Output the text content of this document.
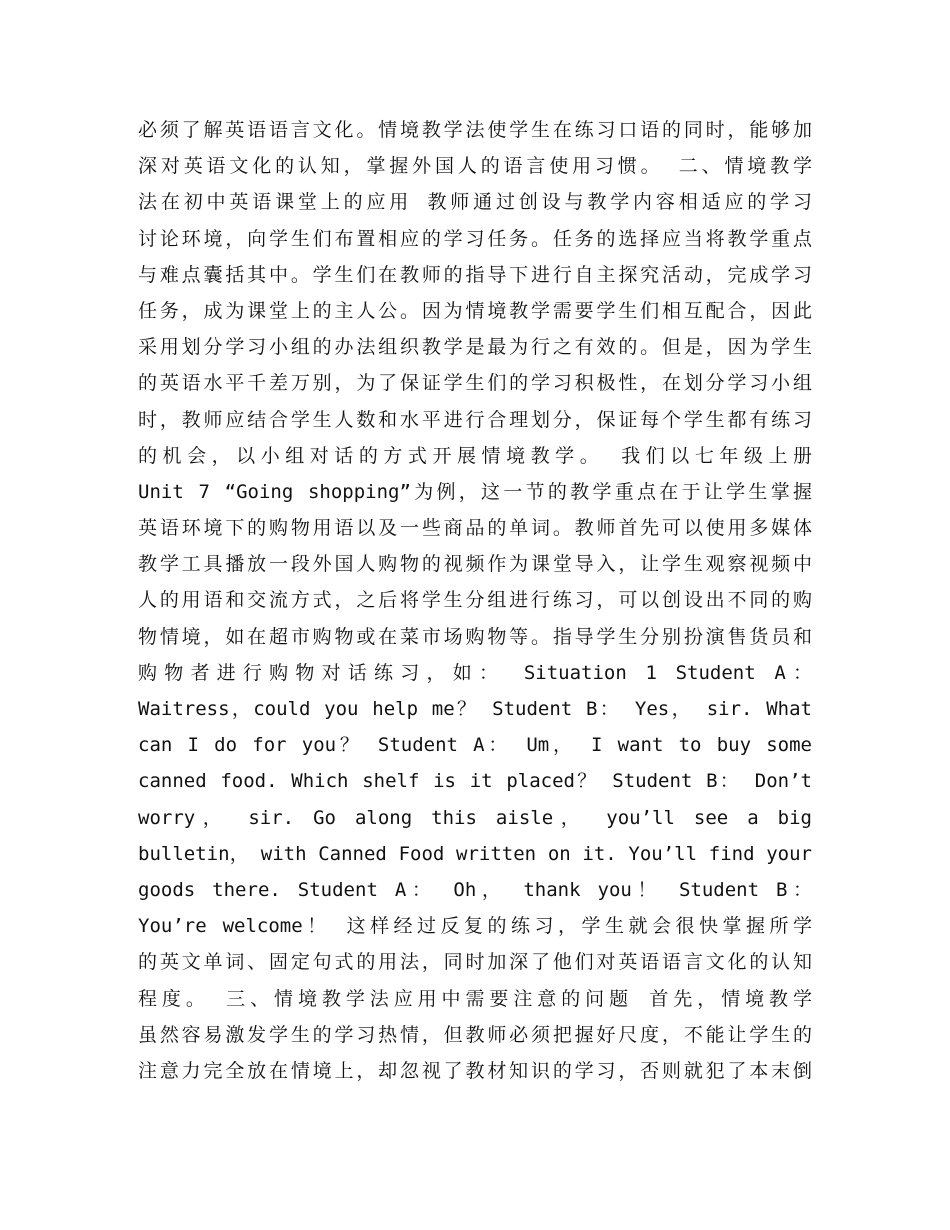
必须了解英语语言文化。情境教学法使学生在练习口语的同时，能够加
深对英语文化的认知，掌握外国人的语言使用习惯。 二、情境教学
法在初中英语课堂上的应用 教师通过创设与教学内容相适应的学习
讨论环境，向学生们布置相应的学习任务。任务的选择应当将教学重点
与难点囊括其中。学生们在教师的指导下进行自主探究活动，完成学习
任务，成为课堂上的主人公。因为情境教学需要学生们相互配合，因此
采用划分学习小组的办法组织教学是最为行之有效的。但是，因为学生
的英语水平千差万别，为了保证学生们的学习积极性，在划分学习小组
时，教师应结合学生人数和水平进行合理划分，保证每个学生都有练习
的机会，以小组对话的方式开展情境教学。 我们以七年级上册
Unit 7 “Going shopping”为例，这一节的教学重点在于让学生掌握
英语环境下的购物用语以及一些商品的单词。教师首先可以使用多媒体
教学工具播放一段外国人购物的视频作为课堂导入，让学生观察视频中
人的用语和交流方式，之后将学生分组进行练习，可以创设出不同的购
物情境，如在超市购物或在菜市场购物等。指导学生分别扮演售货员和
购物者进行购物对话练习，如： Situation 1 Student A：
Waitress，could you help me？ Student B： Yes， sir. What
can I do for you？ Student A： Um， I want to buy some
canned food. Which shelf is it placed？ Student B： Don’t
worry， sir. Go along this aisle， you’ll see a big
bulletin， with Canned Food written on it. You’ll find your
goods there. Student A： Oh， thank you！ Student B：
You’re welcome！ 这样经过反复的练习，学生就会很快掌握所学
的英文单词、固定句式的用法，同时加深了他们对英语语言文化的认知
程度。 三、情境教学法应用中需要注意的问题 首先，情境教学
虽然容易激发学生的学习热情，但教师必须把握好尺度，不能让学生的
注意力完全放在情境上，却忽视了教材知识的学习，否则就犯了本末倒
